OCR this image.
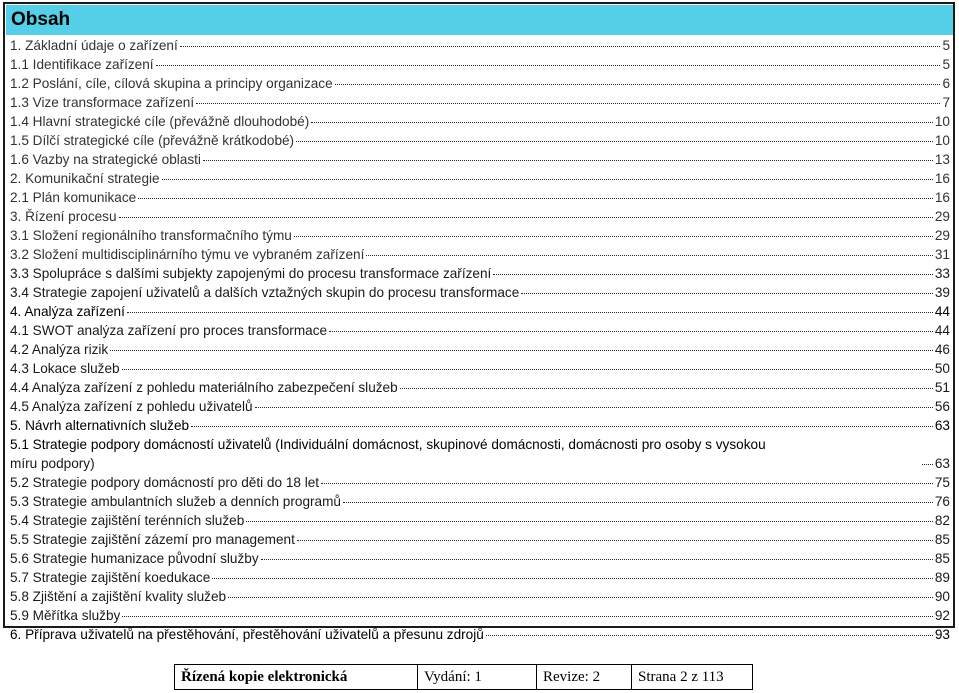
Obsah
1. Základní údaje o zařízení	5
1.1 Identifikace zařízení	5
1.2 Poslání, cíle, cílová skupina a principy organizace	6
1.3 Vize transformace zařízení	7
1.4 Hlavní strategické cíle (převážně dlouhodobé)	10
1.5 Dílčí strategické cíle (převážně krátkodobé)	10
1.6 Vazby na strategické oblasti	13
2. Komunikační strategie	16
2.1 Plán komunikace	16
3. Řízení procesu	29
3.1 Složení regionálního transformačního týmu	29
3.2 Složení multidisciplinárního týmu ve vybraném zařízení	31
3.3 Spolupráce s dalšími subjekty zapojenými do procesu transformace zařízení	33
3.4 Strategie zapojení uživatelů a dalších vztažných skupin do procesu transformace	39
4. Analýza zařízení	44
4.1 SWOT analýza zařízení pro proces transformace	44
4.2 Analýza rizik	46
4.3 Lokace služeb	50
4.4 Analýza zařízení z pohledu materiálního zabezpečení služeb	51
4.5 Analýza zařízení z pohledu uživatelů	56
5. Návrh alternativních služeb	63
5.1 Strategie podpory domácností uživatelů (Individuální domácnost, skupinové domácnosti, domácnosti pro osoby s vysokou
míru podpory)	63
5.2 Strategie podpory domácností pro děti do 18 let	75
5.3 Strategie ambulantních služeb a denních programů	76
5.4 Strategie zajištění terénních služeb	82
5.5 Strategie zajištění zázemí pro management	85
5.6 Strategie humanizace původní služby	85
5.7 Strategie zajištění koedukace	89
5.8 Zjištění a zajištění kvality služeb	90
5.9 Měřítka služby	92
6. Příprava uživatelů na přestěhování, přestěhování uživatelů a přesunu zdrojů	93
Řízená kopie elektronická	Vydání: 1	Revize: 2	Strana 2 z 113
